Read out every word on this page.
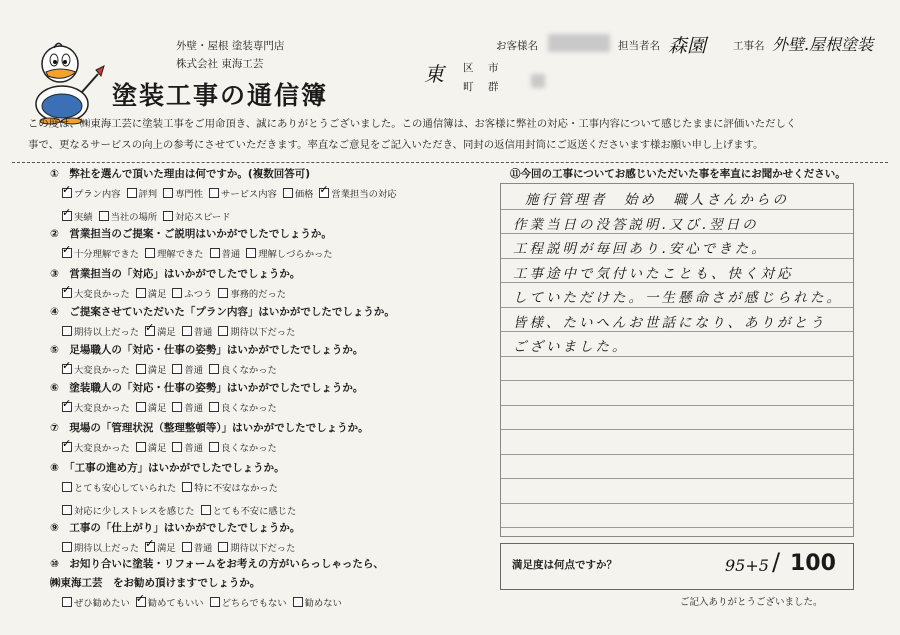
外壁・屋根 塗装専門店
株式会社 東海工芸
塗装工事の通信簿
東 区 市
町 群
お客様名	担当者名 森園	工事名 外壁.屋根塗装
この度は、㈱東海工芸に塗装工事をご用命頂き、誠にありがとうございました。この通信簿は、お客様に弊社の対応・工事内容について感じたままに評価いただしく
事で、更なるサービスの向上の参考にさせていただきます。率直なご意見をご記入いただき、同封の返信用封筒にご返送くださいます様お願い申し上げます。
①　弊社を選んで頂いた理由は何ですか。(複数回答可)
✓プラン内容 評判 専門性 サービス内容 価格 ✓ 営業担当の対応
✓実績 当社の場所 対応スピード
②　営業担当のご提案・ご説明はいかがでしたでしょうか。
✓十分理解できた 理解できた 普通 理解しづらかった
③　営業担当の「対応」はいかがでしたでしょうか。
✓大変良かった 満足 ふつう 事務的だった
④　ご提案させていただいた「プラン内容」はいかがでしたでしょうか。
期待以上だった ✓ 満足 普通 期待以下だった
⑤　足場職人の「対応・仕事の姿勢」はいかがでしたでしょうか。
✓大変良かった 満足 普通 良くなかった
⑥　塗装職人の「対応・仕事の姿勢」はいかがでしたでしょうか。
✓大変良かった 満足 普通 良くなかった
⑦　現場の「管理状況（整理整頓等）」はいかがでしたでしょうか。
✓大変良かった 満足 普通 良くなかった
⑧　「工事の進め方」はいかがでしたでしょうか。
とても安心していられた 特に不安はなかった
対応に少しストレスを感じた とても不安に感じた
⑨　工事の「仕上がり」はいかがでしたでしょうか。
期待以上だった ✓ 満足 普通 期待以下だった
⑩　お知り合いに塗装・リフォームをお考えの方がいらっしゃったら、
㈱東海工芸　をお勧め頂けますでしょうか。
ぜひ勧めたい ✓ 勧めてもいい どちらでもない 勧めない
⑪今回の工事についてお感じいただいた事を率直にお聞かせください。
施行管理者　始め　職人さんからの
作業当日の没答説明.又び.翌日の
工程説明が毎回あり.安心できた。
工事途中で気付いたことも、快く対応
していただけた。一生懸命さが感じられた。
皆様、たいへんお世話になり、ありがとう
ございました。
満足度は何点ですか？	95+5 / 100
ご記入ありがとうございました。
